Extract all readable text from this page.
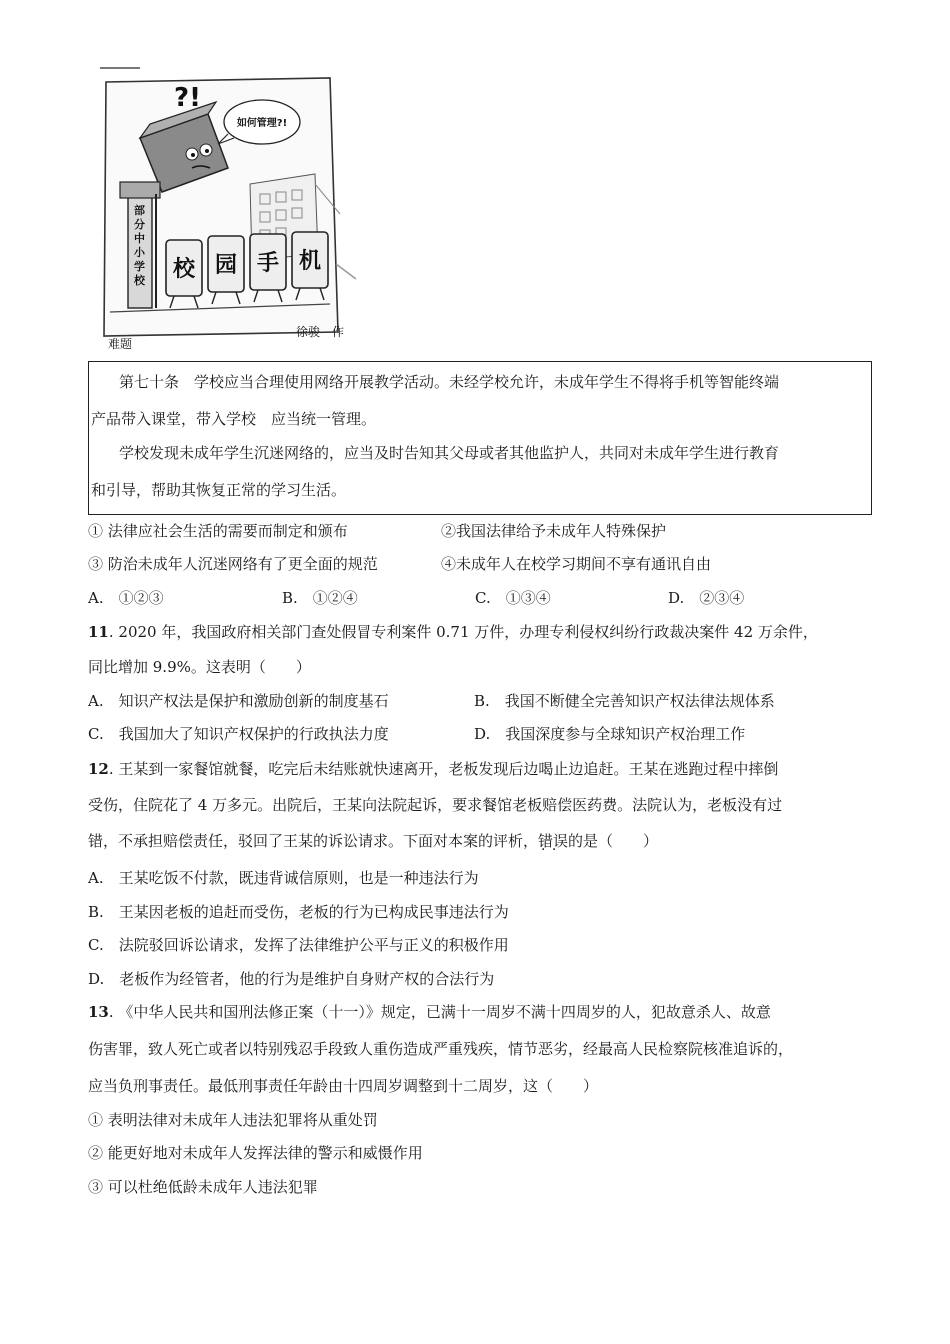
?!
如何管理?!
部分中小学校 校 园 手 机
难题
徐骏　作
第七十条　学校应当合理使用网络开展教学活动。未经学校允许，未成年学生不得将手机等智能终端
产品带入课堂，带入学校　应当统一管理。
学校发现未成年学生沉迷网络的，应当及时告知其父母或者其他监护人，共同对未成年学生进行教育
和引导，帮助其恢复正常的学习生活。
① 法律应社会生活的需要而制定和颁布	②我国法律给予未成年人特殊保护
③ 防治未成年人沉迷网络有了更全面的规范	④未成年人在校学习期间不享有通讯自由
A.　①②③	B.　①②④	C.　①③④	D.　②③④
11. 2020 年，我国政府相关部门查处假冒专利案件 0.71 万件，办理专利侵权纠纷行政裁决案件 42 万余件，
同比增加 9.9%。这表明（　　）
A.　知识产权法是保护和激励创新的制度基石	B.　我国不断健全完善知识产权法律法规体系
C.　我国加大了知识产权保护的行政执法力度	D.　我国深度参与全球知识产权治理工作
12. 王某到一家餐馆就餐，吃完后未结账就快速离开，老板发现后边喝止边追赶。王某在逃跑过程中摔倒
受伤，住院花了 4 万多元。出院后，王某向法院起诉，要求餐馆老板赔偿医药费。法院认为，老板没有过
错，不承担赔偿责任，驳回了王某的诉讼请求。下面对本案的评析，错误 · ·的是（　　）
A.　王某吃饭不付款，既违背诚信原则，也是一种违法行为
B.　王某因老板的追赶而受伤，老板的行为已构成民事违法行为
C.　法院驳回诉讼请求，发挥了法律维护公平与正义的积极作用
D.　老板作为经管者，他的行为是维护自身财产权的合法行为
13. 《中华人民共和国刑法修正案（十一）》规定，已满十一周岁不满十四周岁的人，犯故意杀人、故意
伤害罪，致人死亡或者以特别残忍手段致人重伤造成严重残疾，情节恶劣，经最高人民检察院核准追诉的，
应当负刑事责任。最低刑事责任年龄由十四周岁调整到十二周岁，这（　　）
① 表明法律对未成年人违法犯罪将从重处罚
② 能更好地对未成年人发挥法律的警示和威慑作用
③ 可以杜绝低龄未成年人违法犯罪
